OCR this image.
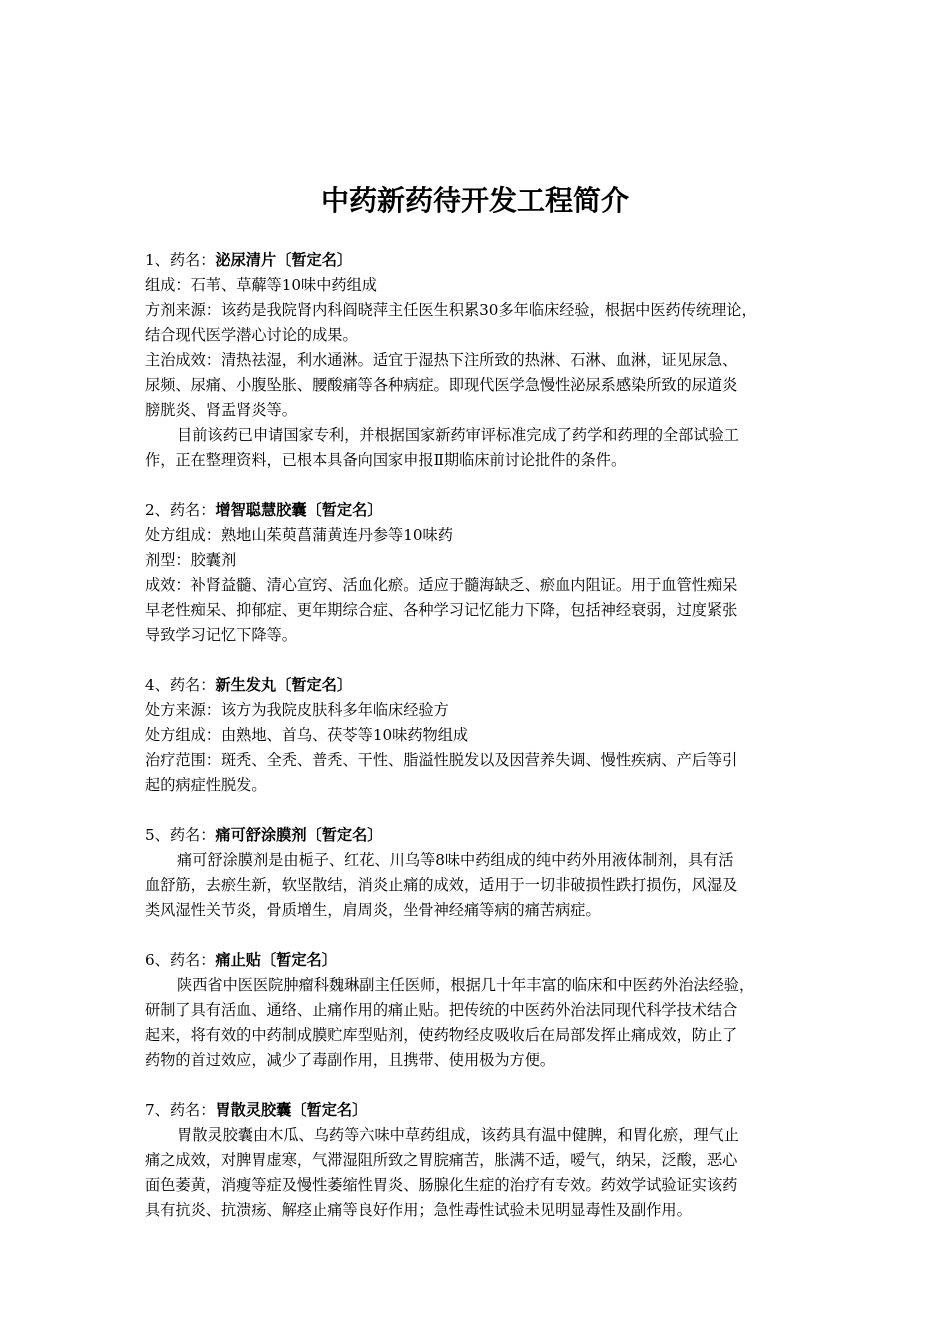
中药新药待开发工程简介
1、药名：泌尿清片〔暂定名〕
组成：石苇、草薢等10味中药组成
方剂来源：该药是我院肾内科阎晓萍主任医生积累30多年临床经验，根据中医药传统理论，
结合现代医学潜心讨论的成果。
主治成效：清热祛湿，利水通淋。适宜于湿热下注所致的热淋、石淋、血淋，证见尿急、
尿频、尿痛、小腹坠胀、腰酸痛等各种病症。即现代医学急慢性泌尿系感染所致的尿道炎
膀胱炎、肾盂肾炎等。
目前该药已申请国家专利，并根据国家新药审评标准完成了药学和药理的全部试验工
作，正在整理资料，已根本具备向国家申报Ⅱ期临床前讨论批件的条件。
2、药名：增智聪慧胶囊〔暂定名〕
处方组成：熟地山茱萸菖蒲黄连丹参等10味药
剂型：胶囊剂
成效：补肾益髓、清心宣窍、活血化瘀。适应于髓海缺乏、瘀血内阻证。用于血管性痴呆
早老性痴呆、抑郁症、更年期综合症、各种学习记忆能力下降，包括神经衰弱，过度紧张
导致学习记忆下降等。
4、药名：新生发丸〔暂定名〕
处方来源：该方为我院皮肤科多年临床经验方
处方组成：由熟地、首乌、茯苓等10味药物组成
治疗范围：斑秃、全秃、普秃、干性、脂溢性脱发以及因营养失调、慢性疾病、产后等引
起的病症性脱发。
5、药名：痛可舒涂膜剂〔暂定名〕
痛可舒涂膜剂是由栀子、红花、川乌等8味中药组成的纯中药外用液体制剂，具有活
血舒筋，去瘀生新，软坚散结，消炎止痛的成效，适用于一切非破损性跌打损伤，风湿及
类风湿性关节炎，骨质增生，肩周炎，坐骨神经痛等病的痛苦病症。
6、药名：痛止贴〔暂定名〕
陕西省中医医院肿瘤科魏琳副主任医师，根据几十年丰富的临床和中医药外治法经验，
研制了具有活血、通络、止痛作用的痛止贴。把传统的中医药外治法同现代科学技术结合
起来，将有效的中药制成膜贮库型贴剂，使药物经皮吸收后在局部发挥止痛成效，防止了
药物的首过效应，减少了毒副作用，且携带、使用极为方便。
7、药名：胃散灵胶囊〔暂定名〕
胃散灵胶囊由木瓜、乌药等六味中草药组成，该药具有温中健脾，和胃化瘀，理气止
痛之成效，对脾胃虚寒，气滞湿阻所致之胃脘痛苦，胀满不适，嗳气，纳呆，泛酸，恶心
面色萎黄，消瘦等症及慢性萎缩性胃炎、肠腺化生症的治疗有专效。药效学试验证实该药
具有抗炎、抗溃疡、解痉止痛等良好作用；急性毒性试验未见明显毒性及副作用。
